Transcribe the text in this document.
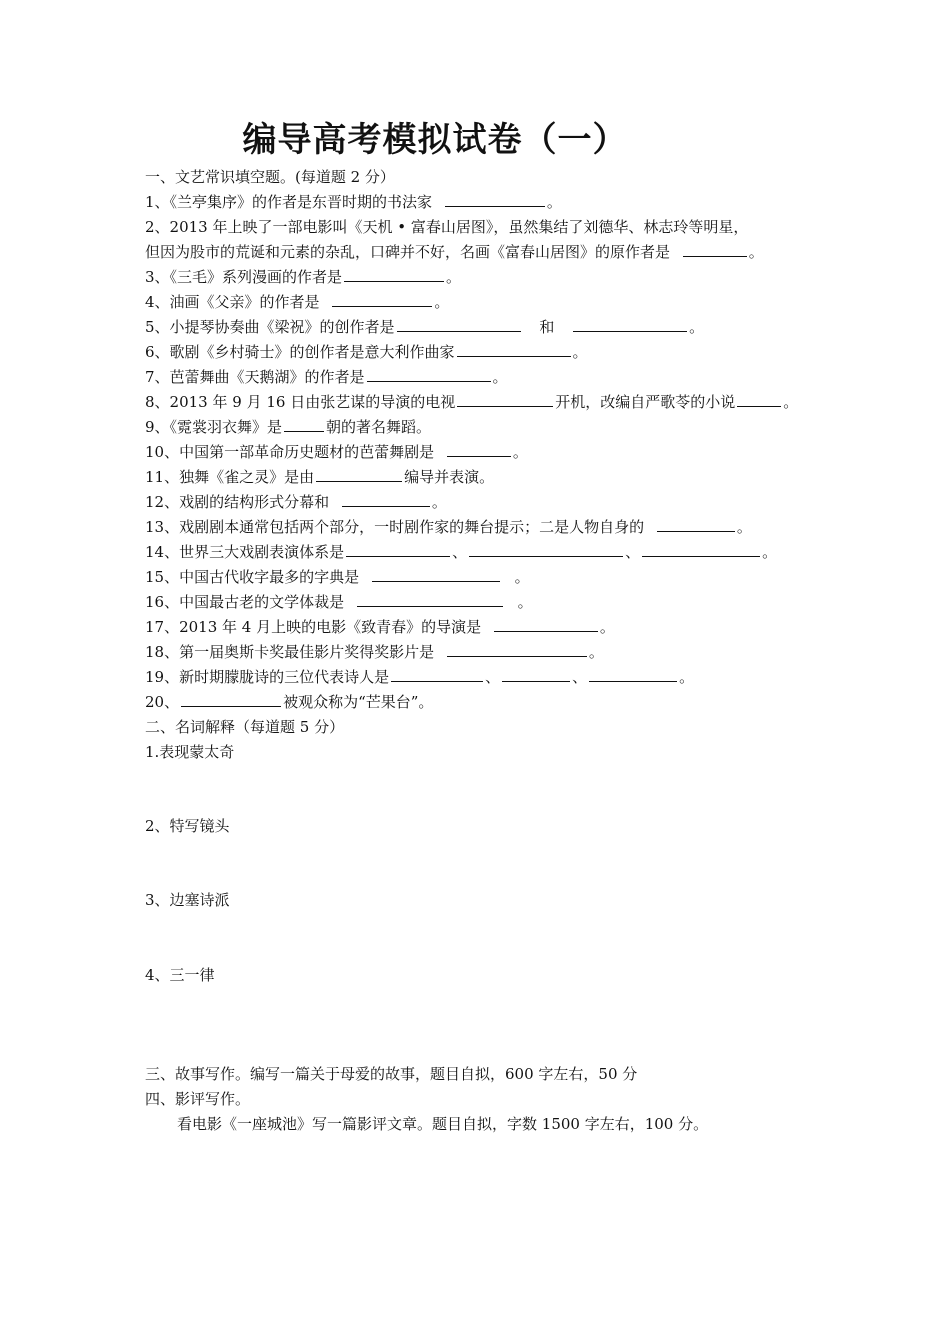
编导高考模拟试卷（一）
一、文艺常识填空题。(每道题 2 分）
1、《兰亭集序》的作者是东晋时期的书法家	。
2、2013 年上映了一部电影叫《天机 • 富春山居图》，虽然集结了刘德华、林志玲等明星，
但因为股市的荒诞和元素的杂乱，口碑并不好，名画《富春山居图》的原作者是	。
3、《三毛》系列漫画的作者是	。
4、油画《父亲》的作者是	。
5、小提琴协奏曲《梁祝》的创作者是	和	。
6、歌剧《乡村骑士》的创作者是意大利作曲家	。
7、芭蕾舞曲《天鹅湖》的作者是	。
8、2013 年 9 月 16 日由张艺谋的导演的电视	开机，改编自严歌苓的小说	。
9、《霓裳羽衣舞》是	朝的著名舞蹈。
10、中国第一部革命历史题材的芭蕾舞剧是	。
11、独舞《雀之灵》是由	编导并表演。
12、戏剧的结构形式分幕和	。
13、戏剧剧本通常包括两个部分，一时剧作家的舞台提示；二是人物自身的	。
14、世界三大戏剧表演体系是	、	、	。
15、中国古代收字最多的字典是	。
16、中国最古老的文学体裁是	。
17、2013 年 4 月上映的电影《致青春》的导演是	。
18、第一届奥斯卡奖最佳影片奖得奖影片是	。
19、新时期朦胧诗的三位代表诗人是	、	、	。
20、	被观众称为“芒果台”。
二、名词解释（每道题 5 分）
1.表现蒙太奇
2、特写镜头
3、边塞诗派
4、三一律
三、故事写作。编写一篇关于母爱的故事，题目自拟，600 字左右，50 分
四、影评写作。
看电影《一座城池》写一篇影评文章。题目自拟，字数 1500 字左右，100 分。
